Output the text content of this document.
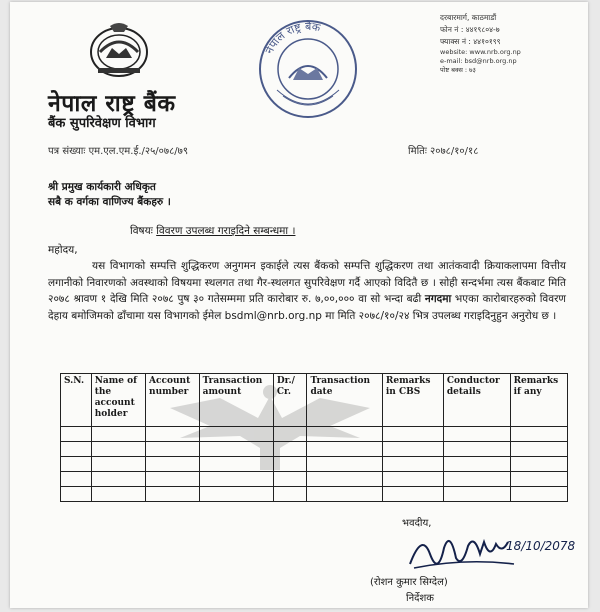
नेपाल राष्ट्र बैंक
नेपाल राष्ट्र बैंक
बैंक सुपरिवेक्षण विभाग
दरबारमार्ग, काठमाडौं
फोन नं : ४४१९८०४-७
फ्याक्स नं : ४४१०१९९
website: www.nrb.org.np
e-mail: bsd@nrb.org.np
पोष्ट बक्स : ७३
पत्र संख्याः एम.एल.एम.ई./२५/०७८/७९	मितिः २०७८/१०/१८
श्री प्रमुख कार्यकारी अधिकृत
सबै क वर्गका वाणिज्य बैंकहरु ।
विषयः विवरण उपलब्ध गराइदिने सम्बन्धमा ।
महोदय,
यस विभागको सम्पत्ति शुद्धिकरण अनुगमन इकाईले त्यस बैंकको सम्पत्ति शुद्धिकरण तथा आतंकवादी क्रियाकलापमा वित्तीय लगानीको निवारणको अवस्थाको विषयमा स्थलगत तथा गैर-स्थलगत सुपरिवेक्षण गर्दै आएको विदितै छ । सोही सन्दर्भमा त्यस बैंकबाट मिति २०७८ श्रावण १ देखि मिति २०७८ पुष ३० गतेसम्ममा प्रति कारोबार रु. ७,००,००० वा सो भन्दा बढी नगदमा भएका कारोबारहरुको विवरण देहाय बमोजिमको ढाँचामा यस विभागको ईमेल bsdml@nrb.org.np मा मिति २०७८/१०/२४ भित्र उपलब्ध गराइदिनुहुन अनुरोध छ ।
S.N.	Name of the account holder	Account number	Transaction amount	Dr./ Cr.	Transaction date	Remarks in CBS	Conductor details	Remarks if any

भवदीय,
18/10/2078
(रोशन कुमार सिग्देल)
निर्देशक
